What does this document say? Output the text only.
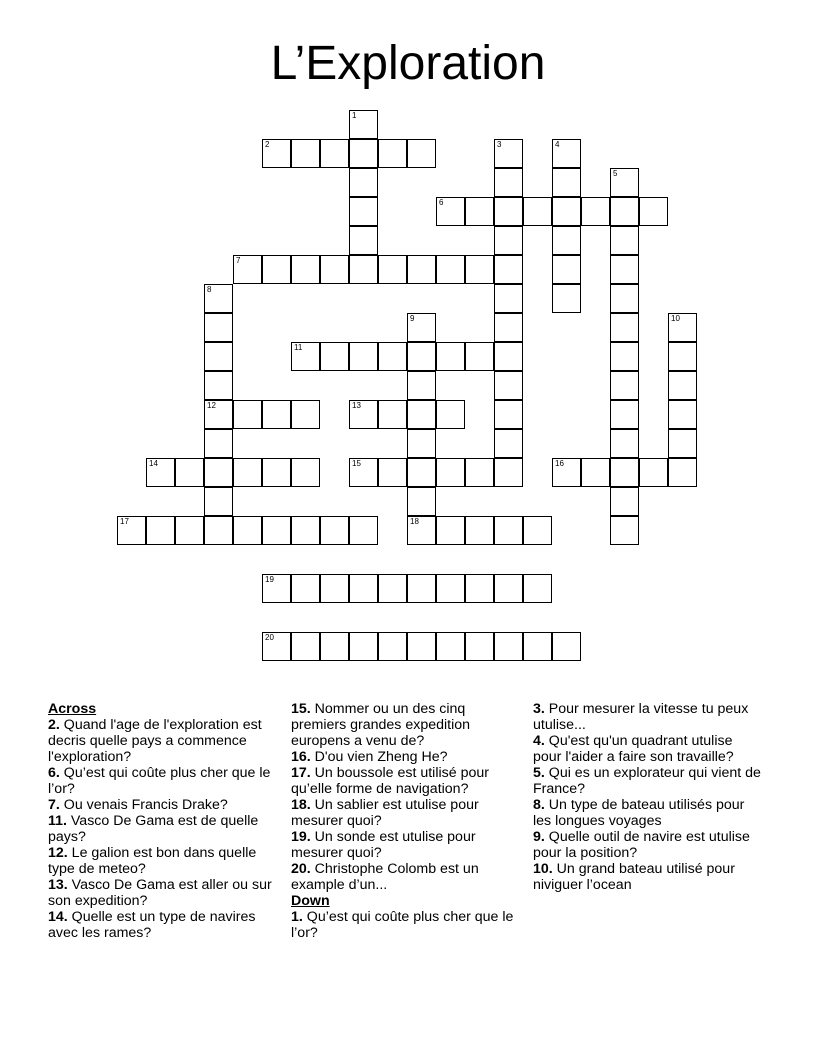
L’Exploration
1
2	3	4
5
6
7
8
12
9
18
10
11
13
14	15	16
17
19
20
Across
2. Quand l'age de l'exploration est decris quelle pays a commence l'exploration?
6. Qu’est qui coûte plus cher que le l’or?
7. Ou venais Francis Drake?
11. Vasco De Gama est de quelle pays?
12. Le galion est bon dans quelle type de meteo?
13. Vasco De Gama est aller ou sur son expedition?
14. Quelle est un type de navires avec les rames?
15. Nommer ou un des cinq premiers grandes expedition europens a venu de?
16. D'ou vien Zheng He?
17. Un boussole est utilisé pour qu’elle forme de navigation?
18. Un sablier est utulise pour mesurer quoi?
19. Un sonde est utulise pour mesurer quoi?
20. Christophe Colomb est un example d’un...
Down
1. Qu’est qui coûte plus cher que le l’or?
3. Pour mesurer la vitesse tu peux utulise...
4. Qu'est qu'un quadrant utulise pour l'aider a faire son travaille?
5. Qui es un explorateur qui vient de France?
8. Un type de bateau utilisés pour les longues voyages
9. Quelle outil de navire est utulise pour la position?
10. Un grand bateau utilisé pour niviguer l’ocean
